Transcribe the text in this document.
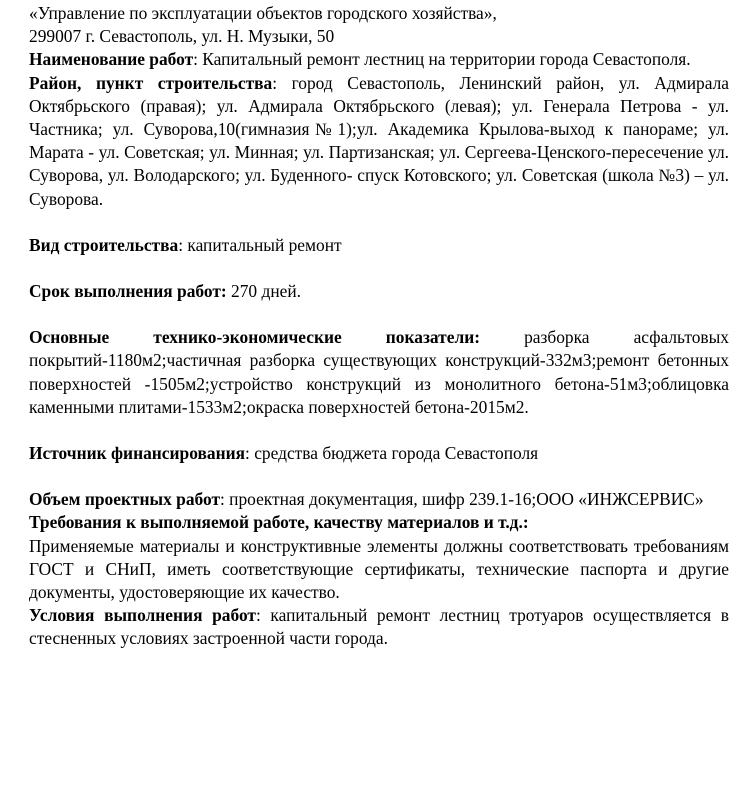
«Управление по эксплуатации объектов городского хозяйства»,

299007 г. Севастополь, ул. Н. Музыки, 50

Наименование работ: Капитальный ремонт лестниц на территории города Севастополя.

Район, пункт строительства: город Севастополь, Ленинский район, ул. Адмирала Октябрьского (правая); ул. Адмирала Октябрьского (левая); ул. Генерала Петрова - ул. Частника; ул. Суворова,10(гимназия№1);ул. Академика Крылова-выход к панораме; ул. Марата - ул. Советская; ул. Минная; ул. Партизанская; ул. Сергеева-Ценского-пересечение ул. Суворова, ул. Володарского; ул. Буденного- спуск Котовского; ул. Советская (школа №3) – ул. Суворова.

Вид строительства: капитальный ремонт

Срок выполнения работ: 270 дней.

Основные технико-экономические показатели: разборка асфальтовых покрытий-1180м2;частичная разборка существующих конструкций-332м3;ремонт бетонных поверхностей -1505м2;устройство конструкций из монолитного бетона-51м3;облицовка каменными плитами-1533м2;окраска поверхностей бетона-2015м2.

Источник финансирования: средства бюджета города Севастополя

Объем проектных работ: проектная документация, шифр 239.1-16;ООО «ИНЖСЕРВИС»

Требования к выполняемой работе, качеству материалов и т.д.:

Применяемые материалы и конструктивные элементы должны соответствовать требованиям ГОСТ и СНиП, иметь соответствующие сертификаты, технические паспорта и другие документы, удостоверяющие их качество.

Условия выполнения работ: капитальный ремонт лестниц тротуаров осуществляется в стесненных условиях застроенной части города.
